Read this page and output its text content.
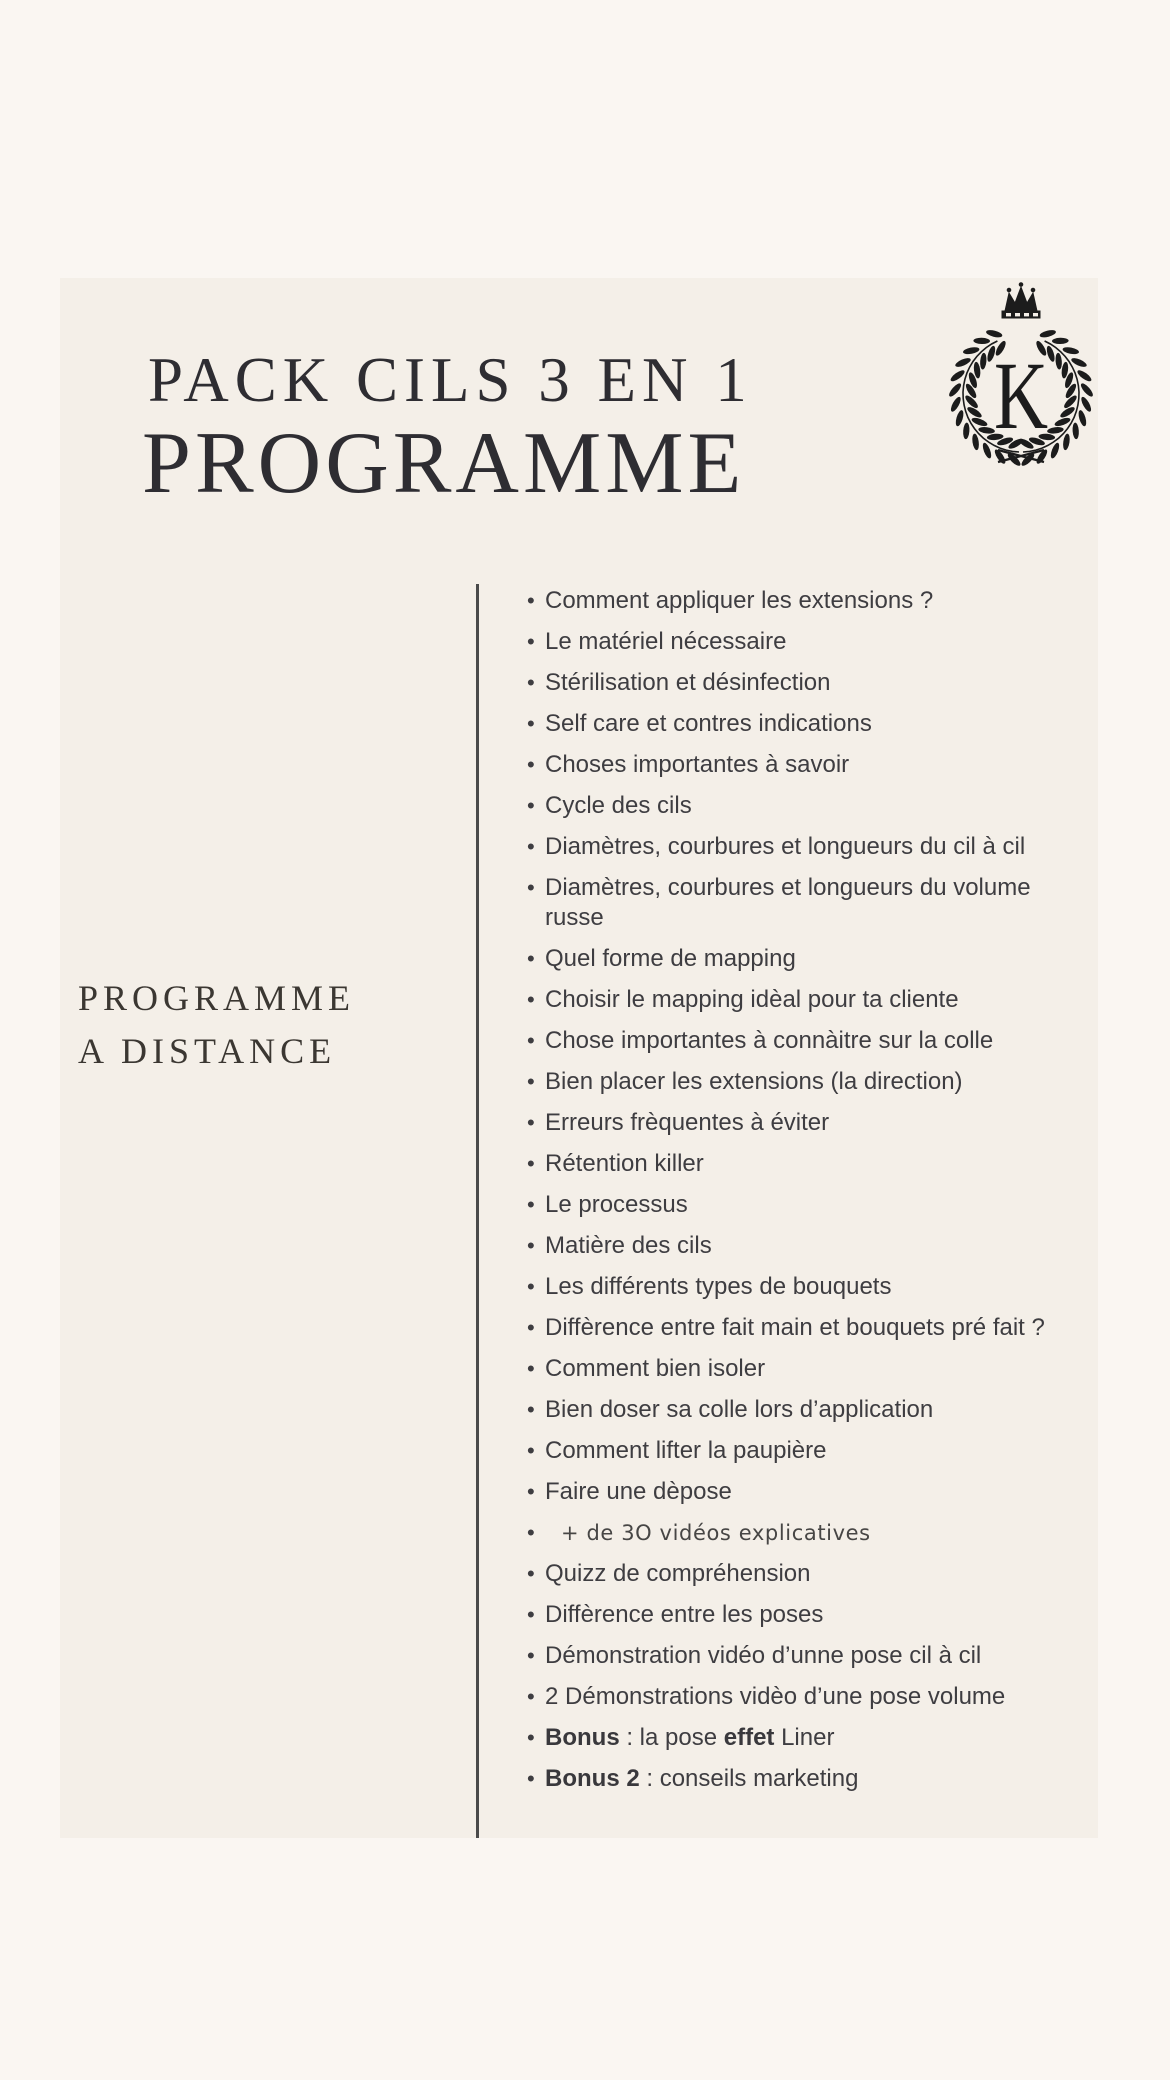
PACK CILS 3 EN 1
PROGRAMME
K
PROGRAMME
A DISTANCE
• Comment appliquer les extensions ?
• Le matériel nécessaire
• Stérilisation et désinfection
• Self care et contres indications
• Choses importantes à savoir
• Cycle des cils
• Diamètres, courbures et longueurs du cil à cil
• Diamètres, courbures et longueurs du volume
russe
• Quel forme de mapping
• Choisir le mapping idèal pour ta cliente
• Chose importantes à connàitre sur la colle
• Bien placer les extensions (la direction)
• Erreurs frèquentes à éviter
• Rétention killer
• Le processus
• Matière des cils
• Les différents types de bouquets
• Diffèrence entre fait main et bouquets pré fait ?
• Comment bien isoler
• Bien doser sa colle lors d’application
• Comment lifter la paupière
• Faire une dèpose
•	+ de 3O vidéos explicatives
• Quizz de compréhension
• Diffèrence entre les poses
• Démonstration vidéo d’unne pose cil à cil
• 2 Démonstrations vidèo d’une pose volume
• Bonus : la pose effet Liner
• Bonus 2 : conseils marketing
